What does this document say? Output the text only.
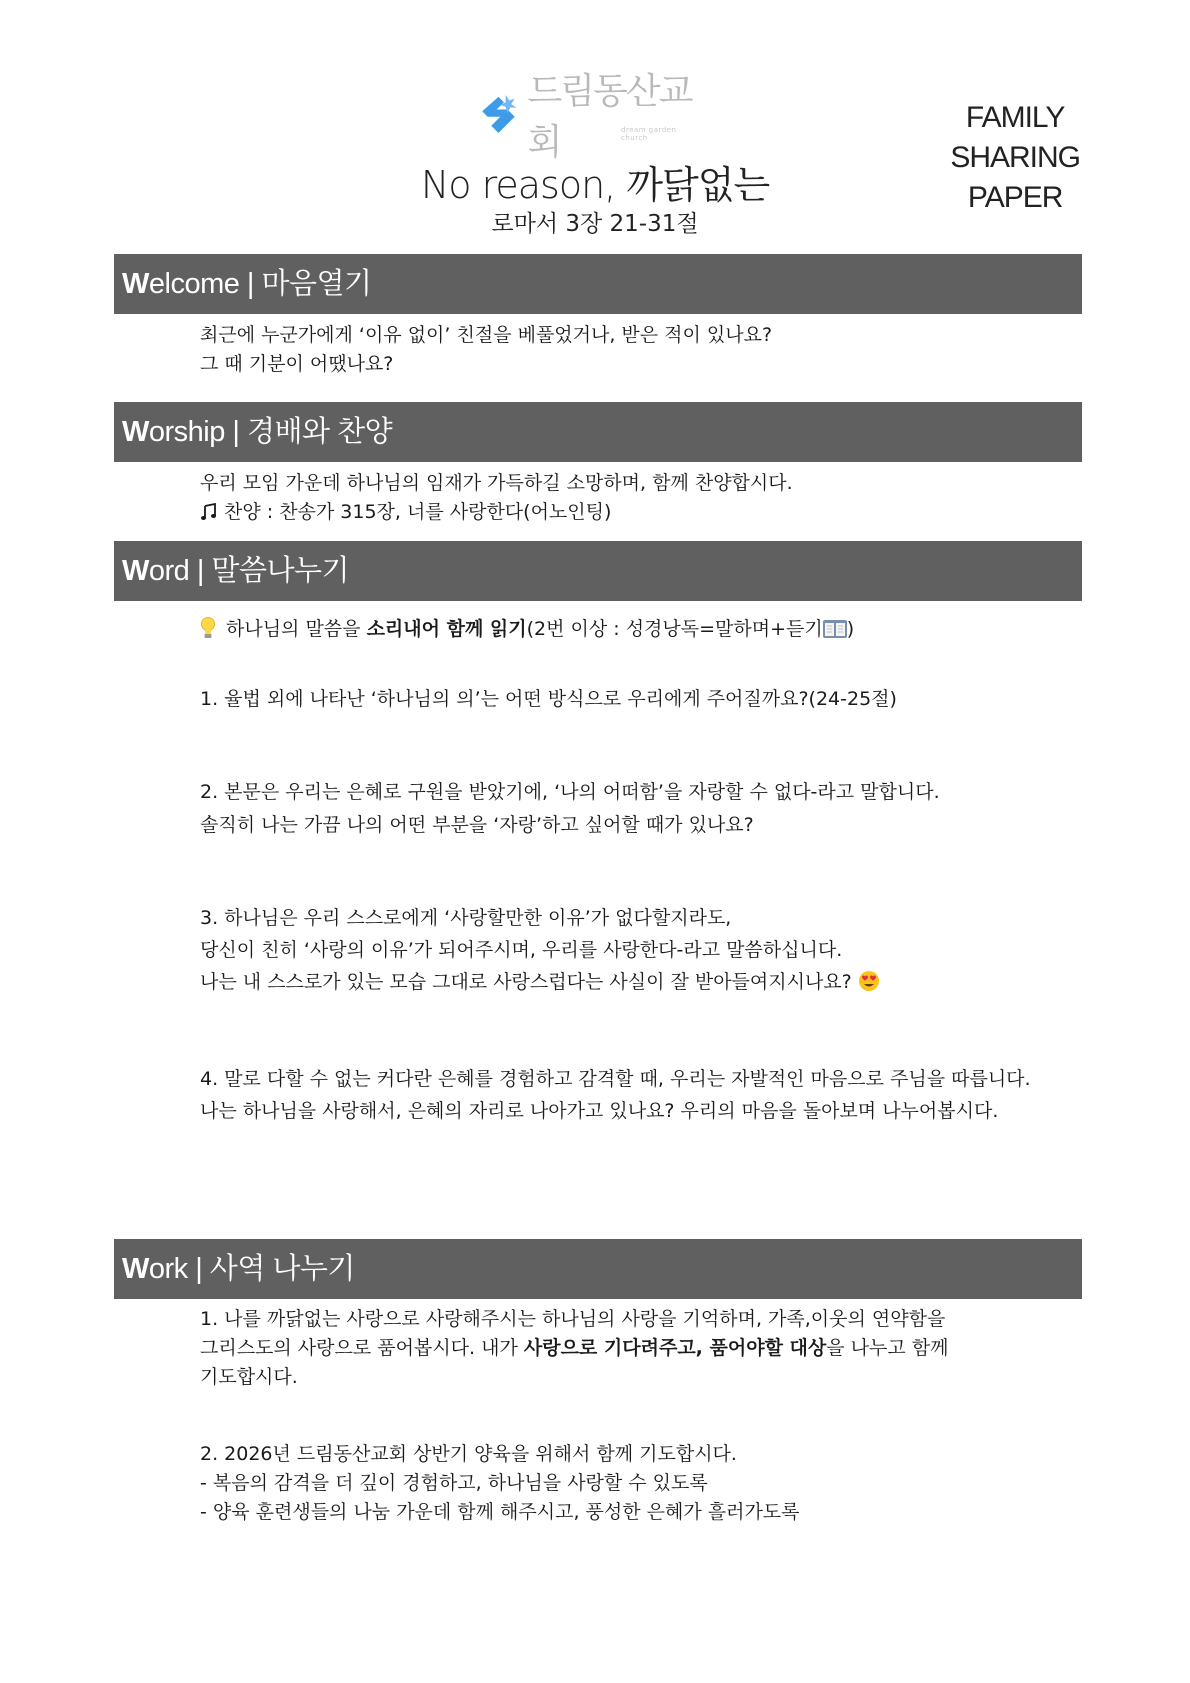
드림동산교회	dream garden church
No reason, 까닭없는
로마서 3장 21-31절
FAMILY
SHARING
PAPER
Welcome | 마음열기
최근에 누군가에게 ‘이유 없이’ 친절을 베풀었거나, 받은 적이 있나요?
그 때 기분이 어땠나요?
Worship | 경배와 찬양
우리 모임 가운데 하나님의 임재가 가득하길 소망하며, 함께 찬양합시다.
찬양 : 찬송가 315장, 너를 사랑한다(어노인팅)
Word | 말씀나누기
하나님의 말씀을 소리내어 함께 읽기(2번 이상 : 성경낭독=말하며+듣기 )
1. 율법 외에 나타난 ‘하나님의 의’는 어떤 방식으로 우리에게 주어질까요?(24-25절)
2. 본문은 우리는 은혜로 구원을 받았기에, ‘나의 어떠함’을 자랑할 수 없다-라고 말합니다.
솔직히 나는 가끔 나의 어떤 부분을 ‘자랑’하고 싶어할 때가 있나요?
3. 하나님은 우리 스스로에게 ‘사랑할만한 이유’가 없다할지라도,
당신이 친히 ‘사랑의 이유’가 되어주시며, 우리를 사랑한다-라고 말씀하십니다.
나는 내 스스로가 있는 모습 그대로 사랑스럽다는 사실이 잘 받아들여지시나요?
4. 말로 다할 수 없는 커다란 은혜를 경험하고 감격할 때, 우리는 자발적인 마음으로 주님을 따릅니다.
나는 하나님을 사랑해서, 은혜의 자리로 나아가고 있나요? 우리의 마음을 돌아보며 나누어봅시다.
Work | 사역 나누기
1. 나를 까닭없는 사랑으로 사랑해주시는 하나님의 사랑을 기억하며, 가족,이웃의 연약함을
그리스도의 사랑으로 품어봅시다. 내가 사랑으로 기다려주고, 품어야할 대상을 나누고 함께
기도합시다.
2. 2026년 드림동산교회 상반기 양육을 위해서 함께 기도합시다.
- 복음의 감격을 더 깊이 경험하고, 하나님을 사랑할 수 있도록
- 양육 훈련생들의 나눔 가운데 함께 해주시고, 풍성한 은혜가 흘러가도록
